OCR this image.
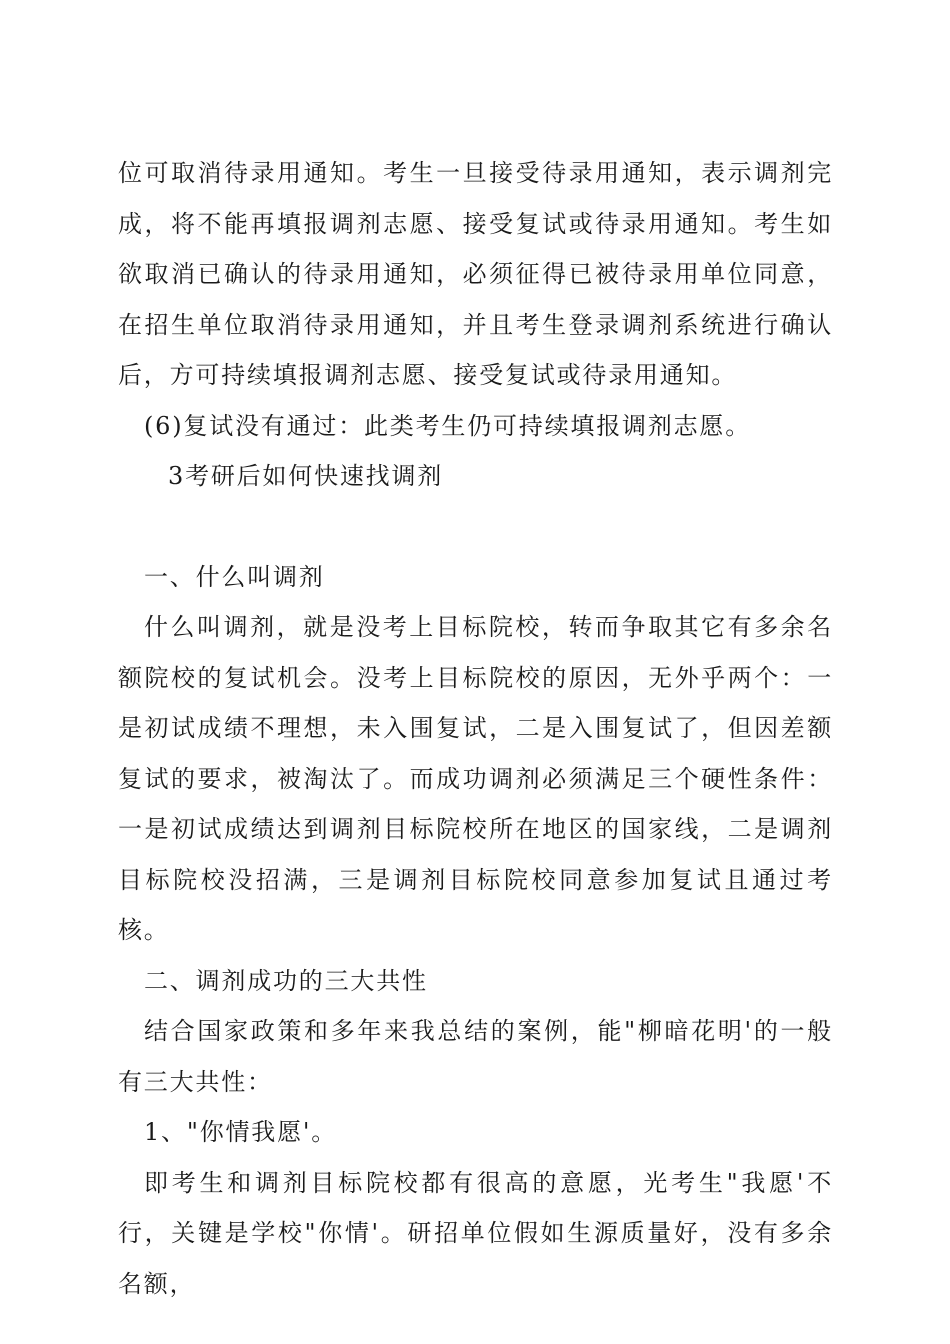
位可取消待录用通知。考生一旦接受待录用通知，表示调剂完成，将不能再填报调剂志愿、接受复试或待录用通知。考生如欲取消已确认的待录用通知，必须征得已被待录用单位同意，在招生单位取消待录用通知，并且考生登录调剂系统进行确认后，方可持续填报调剂志愿、接受复试或待录用通知。

(6)复试没有通过：此类考生仍可持续填报调剂志愿。

3考研后如何快速找调剂

一、什么叫调剂

什么叫调剂，就是没考上目标院校，转而争取其它有多余名额院校的复试机会。没考上目标院校的原因，无外乎两个：一是初试成绩不理想，未入围复试，二是入围复试了，但因差额复试的要求，被淘汰了。而成功调剂必须满足三个硬性条件：一是初试成绩达到调剂目标院校所在地区的国家线，二是调剂目标院校没招满，三是调剂目标院校同意参加复试且通过考核。

二、调剂成功的三大共性

结合国家政策和多年来我总结的案例，能"柳暗花明'的一般有三大共性：

1、"你情我愿'。

即考生和调剂目标院校都有很高的意愿，光考生"我愿'不行，关键是学校"你情'。研招单位假如生源质量好，没有多余名额，
